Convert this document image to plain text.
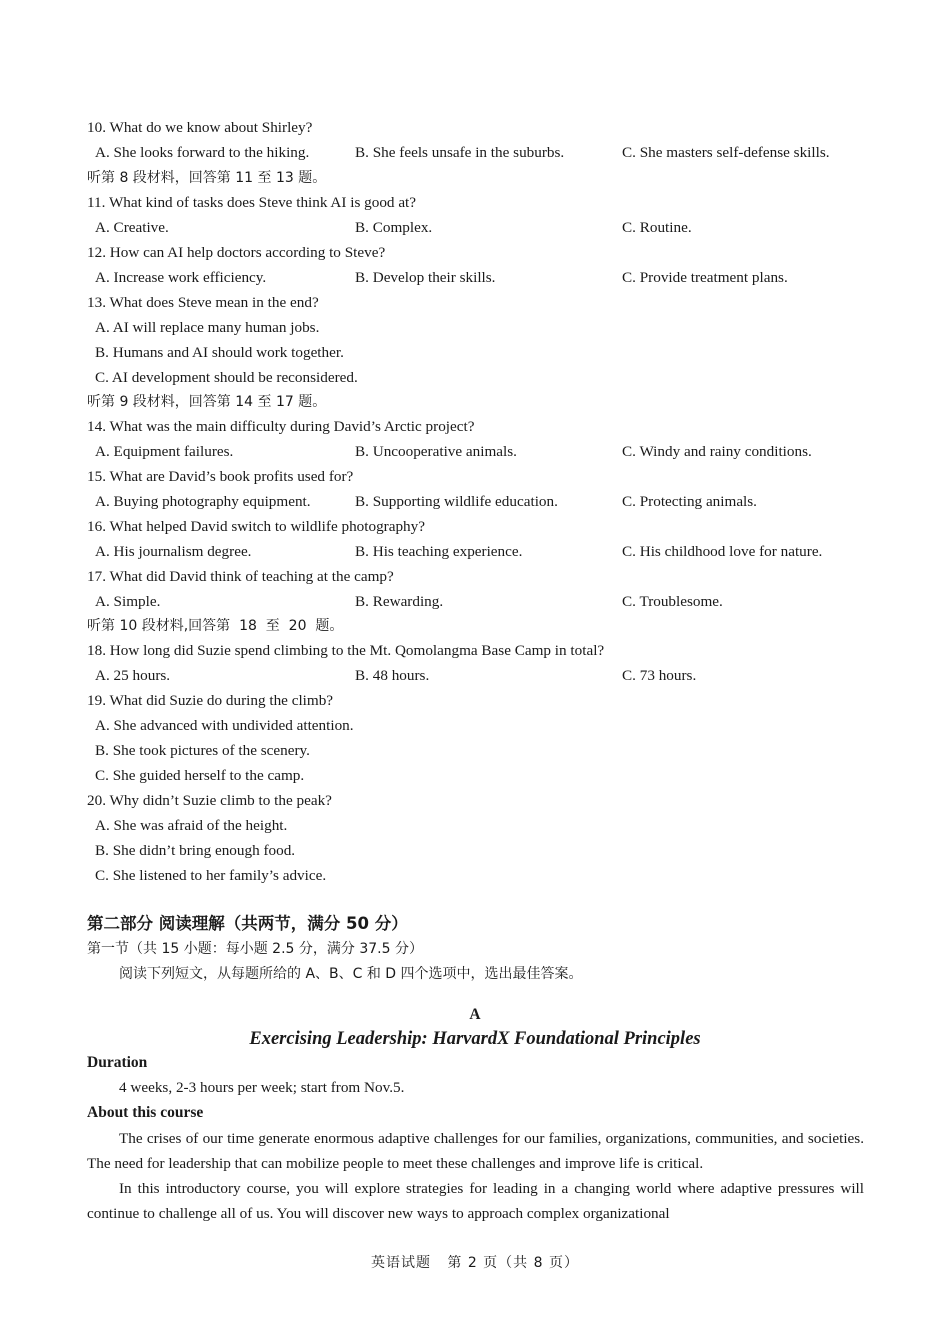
10. What do we know about Shirley?
A. She looks forward to the hiking.	B. She feels unsafe in the suburbs.	C. She masters self-defense skills.
听第 8 段材料，回答第 11 至 13 题。
11. What kind of tasks does Steve think AI is good at?
A. Creative.	B. Complex.	C. Routine.
12. How can AI help doctors according to Steve?
A. Increase work efficiency.	B. Develop their skills.	C. Provide treatment plans.
13. What does Steve mean in the end?
A. AI will replace many human jobs.
B. Humans and AI should work together.
C. AI development should be reconsidered.
听第 9 段材料，回答第 14 至 17 题。
14. What was the main difficulty during David’s Arctic project?
A. Equipment failures.	B. Uncooperative animals.	C. Windy and rainy conditions.
15. What are David’s book profits used for?
A. Buying photography equipment.	B. Supporting wildlife education.	C. Protecting animals.
16. What helped David switch to wildlife photography?
A. His journalism degree.	B. His teaching experience.	C. His childhood love for nature.
17. What did David think of teaching at the camp?
A. Simple.	B. Rewarding.	C. Troublesome.
听第 10 段材料,回答第  18  至  20  题。
18. How long did Suzie spend climbing to the Mt. Qomolangma Base Camp in total?
A. 25 hours.	B. 48 hours.	C. 73 hours.
19. What did Suzie do during the climb?
A. She advanced with undivided attention.
B. She took pictures of the scenery.
C. She guided herself to the camp.
20. Why didn’t Suzie climb to the peak?
A. She was afraid of the height.
B. She didn’t bring enough food.
C. She listened to her family’s advice.
第二部分 阅读理解（共两节，满分 50 分）
第一节（共 15 小题：每小题 2.5 分，满分 37.5 分）
阅读下列短文，从每题所给的 A、B、C 和 D 四个选项中，选出最佳答案。
A
Exercising Leadership: HarvardX Foundational Principles
Duration
4 weeks, 2-3 hours per week; start from Nov.5.
About this course
The crises of our time generate enormous adaptive challenges for our families, organizations, communities, and societies. The need for leadership that can mobilize people to meet these challenges and improve life is critical.
In this introductory course, you will explore strategies for leading in a changing world where adaptive pressures will continue to challenge all of us. You will discover new ways to approach complex organizational
英语试题   第 2 页（共 8 页）
